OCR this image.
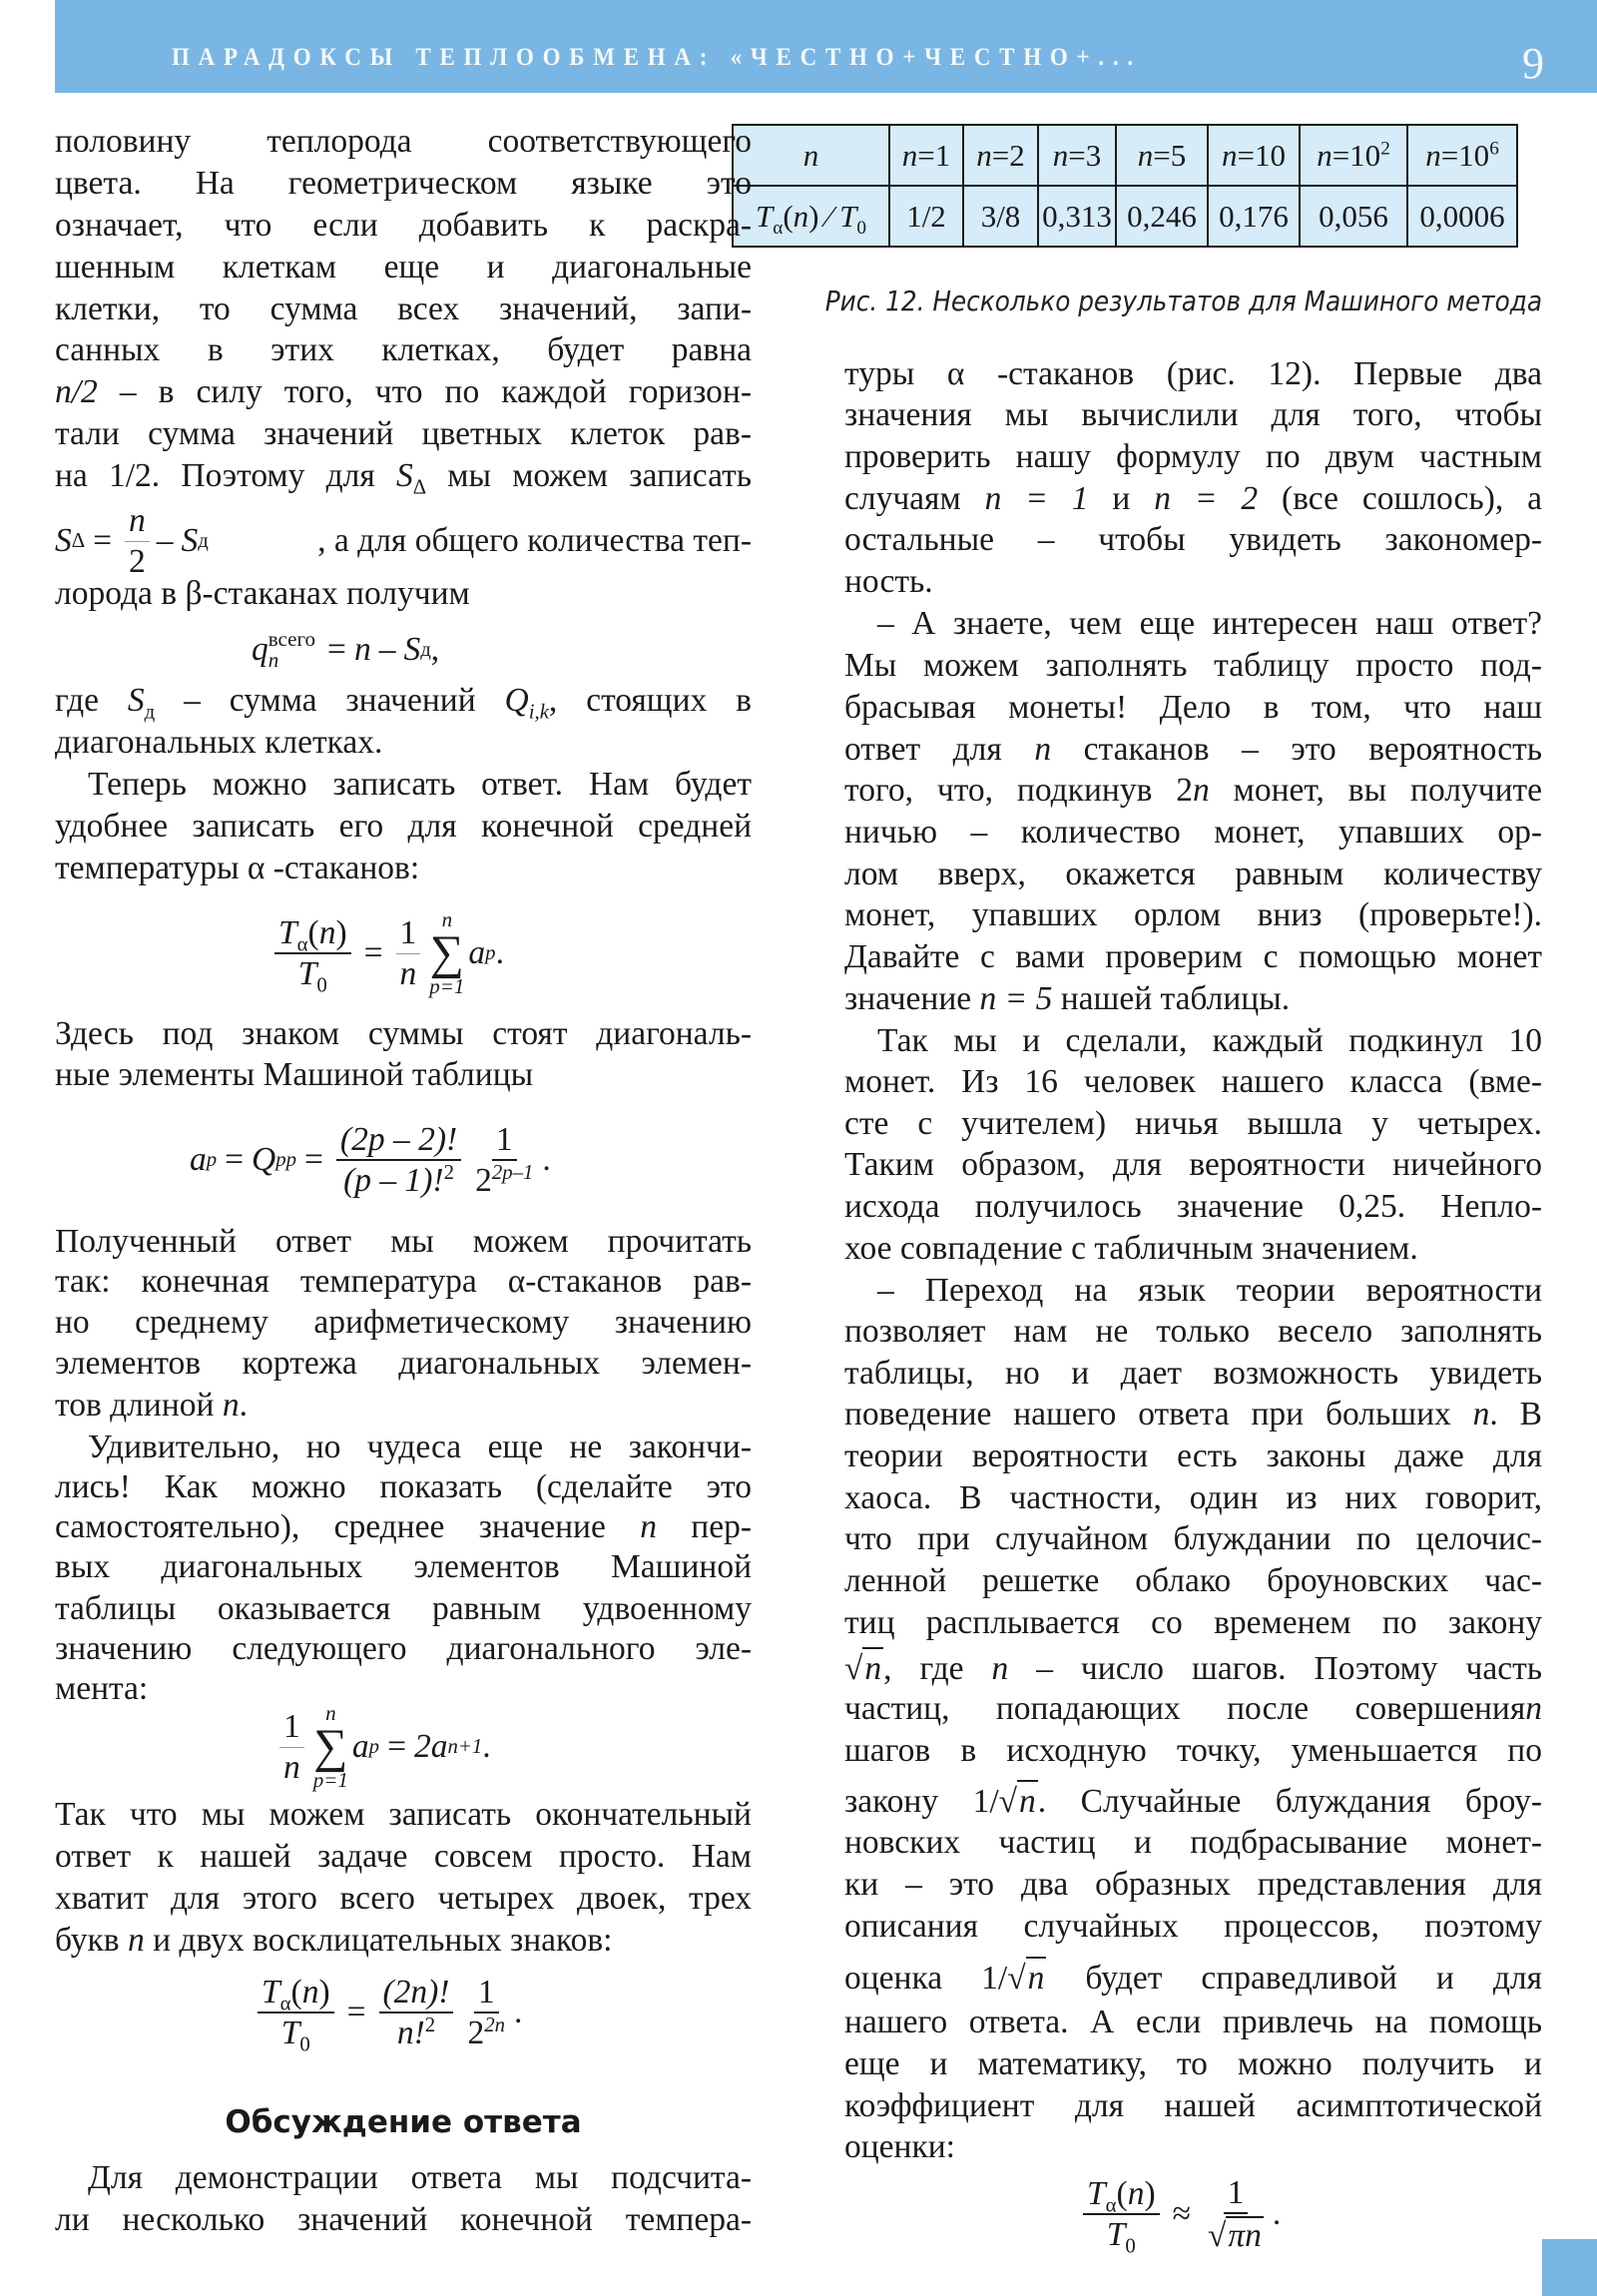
ПАРАДОКСЫ ТЕПЛООБМЕНА: «ЧЕСТНО+ЧЕСТНО+...	9
n	n=1	n=2	n=3	n=5	n=10	$n=10^2$	$n=10^6$
$T_\alpha(n)$ ⁄ $T_0$	1/2	3/8	0,313	0,246	0,176	0,056	0,0006
Рис. 12. Несколько результатов для Машиного метода
половину теплорода соответствующего
цвета. На геометрическом языке это
означает, что если добавить к раскра-
шенным клеткам еще и диагональные
клетки, то сумма всех значений, запи-
санных в этих клетках, будет равна
n/2 – в силу того, что по каждой горизон-
тали сумма значений цветных клеток рав-
на 1/2. Поэтому для $S_\Delta$ мы можем записать
S $\Delta = \frac{n}{2} - S$ д	, а для общего количества теп-
лорода в β-стаканах получим
q всего
n	= n – S д ,
где $S_д$ – сумма значений $Q_{i,k}$, стоящих в
диагональных клетках.
Теперь можно записать ответ. Нам будет
удобнее записать его для конечной средней
температуры α -стаканов:
$\frac{T_\alpha(n)}{T_0} = \frac{1}{n}$ n
∑
p=1
a p .
Здесь под знаком суммы стоят диагональ-
ные элементы Машиной таблицы
a p = Q pp = $\frac{(2p - 2)!}{(p - 1)!^2} \frac{1}{2^{2p-1}}$ .
Полученный ответ мы можем прочитать
так: конечная температура α-стаканов рав-
но среднему арифметическому значению
элементов кортежа диагональных элемен-
тов длиной n.
Удивительно, но чудеса еще не закончи-
лись! Как можно показать (сделайте это
самостоятельно), среднее значение n пер-
вых диагональных элементов Машиной
таблицы оказывается равным удвоенному
значению следующего диагонального эле-
мента:
$\frac{1}{n}$ n
∑
p=1
a p = 2a n+1 .
Так что мы можем записать окончательный
ответ к нашей задаче совсем просто. Нам
хватит для этого всего четырех двоек, трех
букв n и двух восклицательных знаков:
$\frac{T_\alpha(n)}{T_0} = \frac{(2n)!}{n!^2} \frac{1}{2^{2n}}$ .
Обсуждение ответа
Для демонстрации ответа мы подсчита-
ли несколько значений конечной темпера-
туры α -стаканов (рис. 12). Первые два
значения мы вычислили для того, чтобы
проверить нашу формулу по двум частным
случаям n = 1 и n = 2 (все сошлось), а
остальные – чтобы увидеть закономер-
ность.
– А знаете, чем еще интересен наш ответ?
Мы можем заполнять таблицу просто под-
брасывая монеты! Дело в том, что наш
ответ для n стаканов – это вероятность
того, что, подкинув 2n монет, вы получите
ничью – количество монет, упавших ор-
лом вверх, окажется равным количеству
монет, упавших орлом вниз (проверьте!).
Давайте с вами проверим с помощью монет
значение n = 5 нашей таблицы.
Так мы и сделали, каждый подкинул 10
монет. Из 16 человек нашего класса (вме-
сте с учителем) ничья вышла у четырех.
Таким образом, для вероятности ничейного
исхода получилось значение 0,25. Непло-
хое совпадение с табличным значением.
– Переход на язык теории вероятности
позволяет нам не только весело заполнять
таблицы, но и дает возможность увидеть
поведение нашего ответа при больших n. В
теории вероятности есть законы даже для
хаоса. В частности, один из них говорит,
что при случайном блуждании по целочис-
ленной решетке облако броуновских час-
тиц расплывается со временем по закону
√ n , где n – число шагов. Поэтому часть
частиц, попадающих после совершенияn
шагов в исходную точку, уменьшается по
закону 1/ √ n . Случайные блуждания броу-
новских частиц и подбрасывание монет-
ки – это два образных представления для
описания случайных процессов, поэтому
оценка 1/ √ n будет справедливой и для
нашего ответа. А если привлечь на помощь
еще и математику, то можно получить и
коэффициент для нашей асимптотической
оценки:
$\frac{T_\alpha(n)}{T_0} \approx \frac{1}{√ \pi n}$ .
